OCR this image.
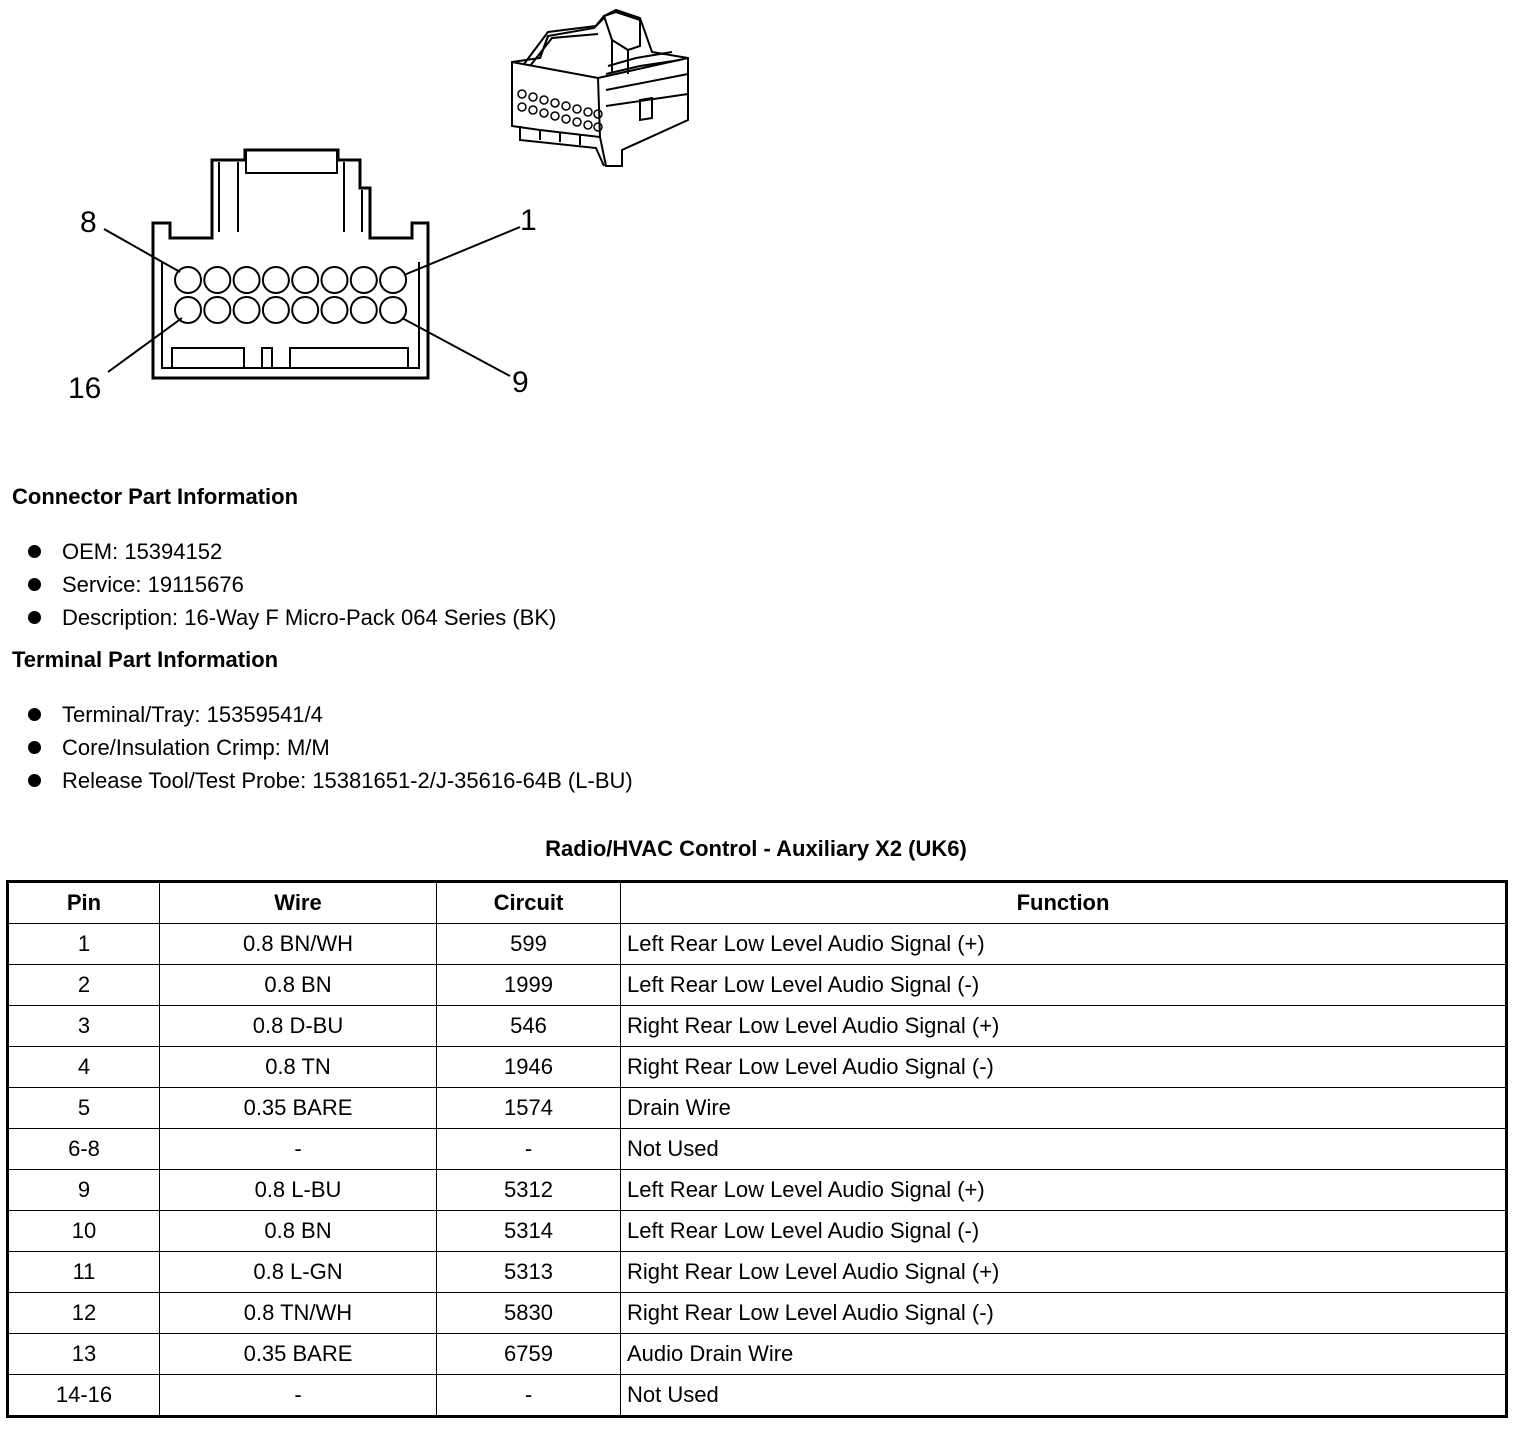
8	1
16	9
Connector Part Information
OEM: 15394152
Service: 19115676
Description: 16-Way F Micro-Pack 064 Series (BK)
Terminal Part Information
Terminal/Tray: 15359541/4
Core/Insulation Crimp: M/M
Release Tool/Test Probe: 15381651-2/J-35616-64B (L-BU)
Radio/HVAC Control - Auxiliary X2 (UK6)
Pin	Wire	Circuit	Function
1	0.8 BN/WH	599	Left Rear Low Level Audio Signal (+)
2	0.8 BN	1999	Left Rear Low Level Audio Signal (-)
3	0.8 D-BU	546	Right Rear Low Level Audio Signal (+)
4	0.8 TN	1946	Right Rear Low Level Audio Signal (-)
5	0.35 BARE	1574	Drain Wire
6-8	-	-	Not Used
9	0.8 L-BU	5312	Left Rear Low Level Audio Signal (+)
10	0.8 BN	5314	Left Rear Low Level Audio Signal (-)
11	0.8 L-GN	5313	Right Rear Low Level Audio Signal (+)
12	0.8 TN/WH	5830	Right Rear Low Level Audio Signal (-)
13	0.35 BARE	6759	Audio Drain Wire
14-16	-	-	Not Used
